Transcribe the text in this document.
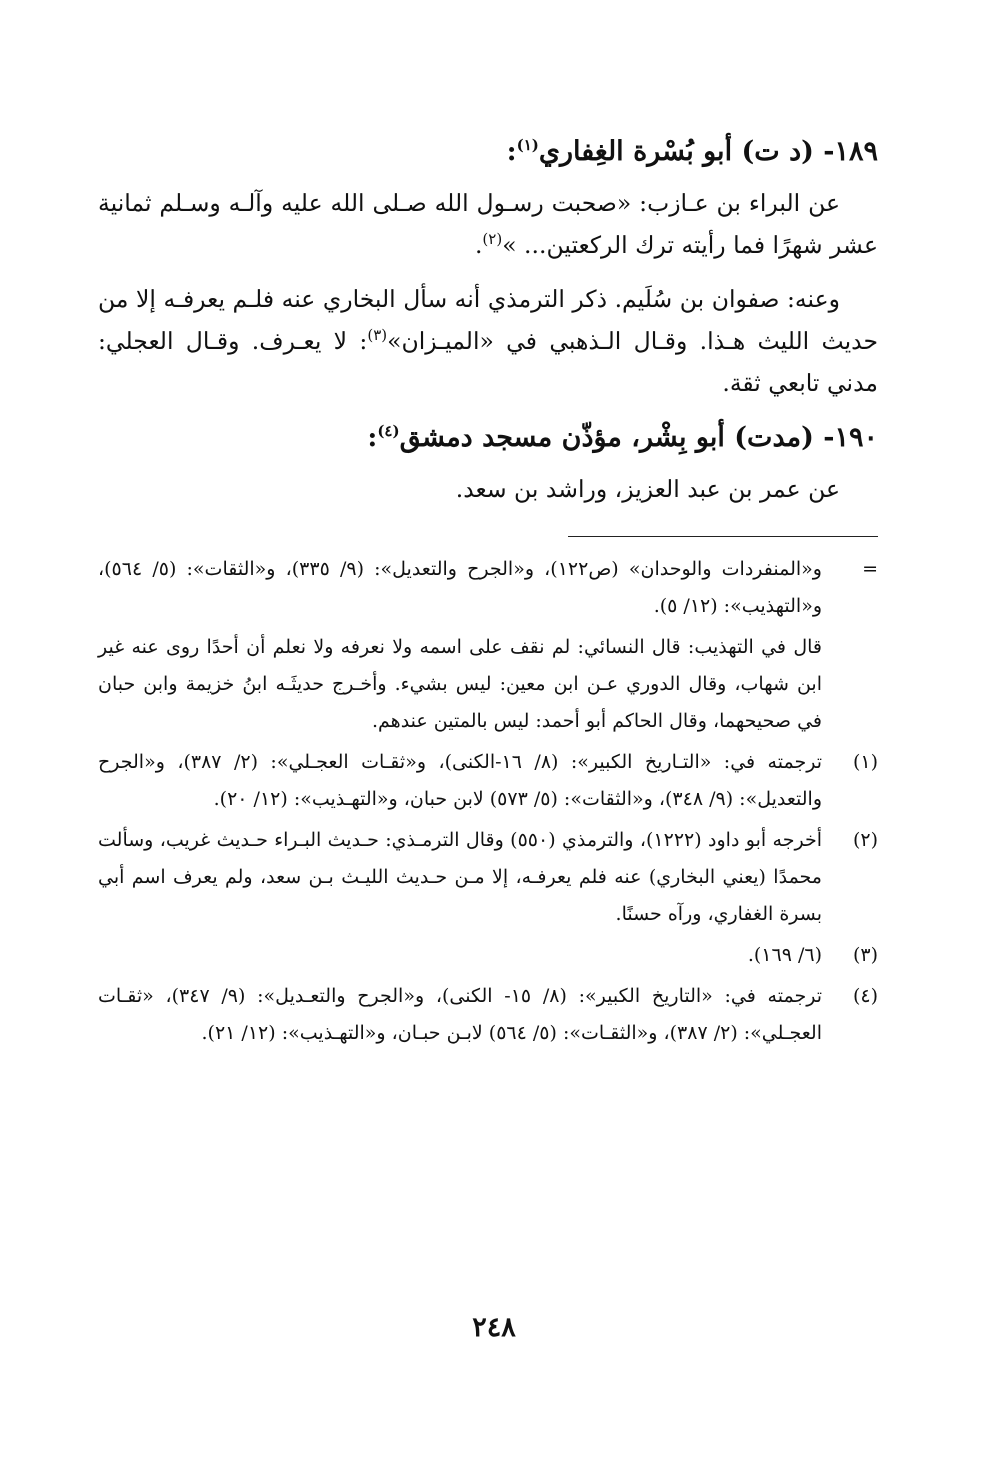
١٨٩- (د ت) أبو بُسْرة الغِفاري$^{(١)}$:

عن البراء بن عـازب: «صحبت رسـول الله صـلى الله عليه وآلـه وسـلم ثمانية عشر شهرًا فما رأيته ترك الركعتين... »$^{(٢)}$.

وعنه: صفوان بن سُلَيم. ذكر الترمذي أنه سأل البخاري عنه فلـم يعرفـه إلا من حديث الليث هـذا. وقـال الـذهبي في «الميـزان»$^{(٣)}$: لا يعـرف. وقـال العجلي: مدني تابعي ثقة.

١٩٠- (مدت) أبو بِشْر، مؤذّن مسجد دمشق$^{(٤)}$:

عن عمر بن عبد العزيز، وراشد بن سعد.

=
و«المنفردات والوحدان» (ص١٢٢)، و«الجرح والتعديل»: (٩/ ٣٣٥)، و«الثقات»: (٥/ ٥٦٤)، و«التهذيب»: (١٢/ ٥).

قال في التهذيب: قال النسائي: لم نقف على اسمه ولا نعرفه ولا نعلم أن أحدًا روى عنه غير ابن شهاب، وقال الدوري عـن ابن معين: ليس بشيء. وأخـرج حديثَـه ابنُ خزيمة وابن حبان في صحيحهما، وقال الحاكم أبو أحمد: ليس بالمتين عندهم.

(١)
ترجمته في: «التـاريخ الكبير»: (٨/ ١٦-الكنى)، و«ثقـات العجـلي»: (٢/ ٣٨٧)، و«الجرح والتعديل»: (٩/ ٣٤٨)، و«الثقات»: (٥/ ٥٧٣) لابن حبان، و«التهـذيب»: (١٢/ ٢٠).

(٢)
أخرجه أبو داود (١٢٢٢)، والترمذي (٥٥٠) وقال الترمـذي: حـديث البـراء حـديث غريب، وسألت محمدًا (يعني البخاري) عنه فلم يعرفـه، إلا مـن حـديث الليـث بـن سعد، ولم يعرف اسم أبي بسرة الغفاري، ورآه حسنًا.

(٣)
(٦/ ١٦٩).

(٤)
ترجمته في: «التاريخ الكبير»: (٨/ ١٥- الكنى)، و«الجرح والتعـديل»: (٩/ ٣٤٧)، «ثقـات العجـلي»: (٢/ ٣٨٧)، و«الثقـات»: (٥/ ٥٦٤) لابـن حبـان، و«التهـذيب»: (١٢/ ٢١).

٢٤٨
